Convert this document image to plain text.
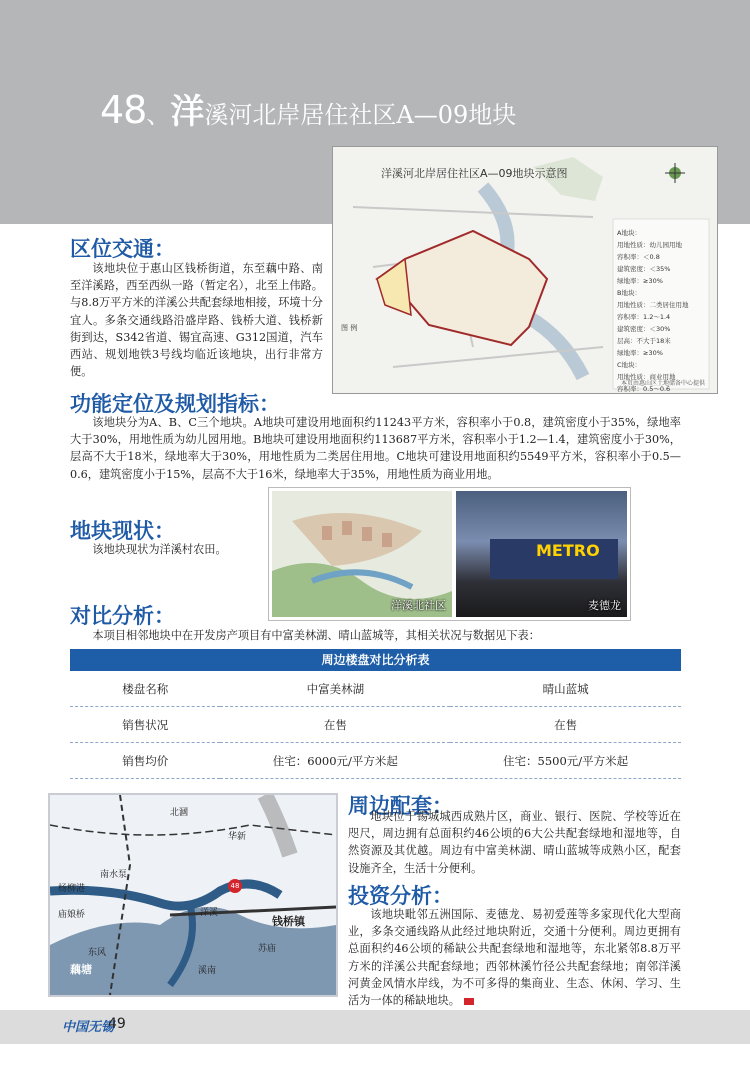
48、洋溪河北岸居住社区A—09地块
洋溪河北岸居住社区A—09地块示意图
图 例
A地块：
用地性质：幼儿园用地
容积率：＜0.8
建筑密度：＜35%
绿地率：≥30%
B地块：
用地性质：二类居住用地
容积率：1.2～1.4
建筑密度：＜30%
层高：不大于18米
绿地率：≥30%
C地块：
用地性质：商业用地
容积率：0.5～0.6
本页由惠山区土地储备中心提供
区位交通：

该地块位于惠山区钱桥街道，东至藕中路、南至洋溪路，西至西纵一路（暂定名），北至上伟路。与8.8万平方米的洋溪公共配套绿地相接，环境十分宜人。多条交通线路沿盛岸路、钱桥大道、钱桥新街到达，S342省道、锡宜高速、G312国道，汽车西站、规划地铁3号线均临近该地块，出行非常方便。

功能定位及规划指标：

该地块分为A、B、C三个地块。A地块可建设用地面积约11243平方米，容积率小于0.8，建筑密度小于35%，绿地率大于30%，用地性质为幼儿园用地。B地块可建设用地面积约113687平方米，容积率小于1.2—1.4，建筑密度小于30%，层高不大于18米，绿地率大于30%，用地性质为二类居住用地。C地块可建设用地面积约5549平方米，容积率小于0.5—0.6，建筑密度小于15%，层高不大于16米，绿地率大于35%，用地性质为商业用地。

地块现状：

该地块现状为洋溪村农田。

洋溪北社区
METRO
麦德龙
对比分析：

本项目相邻地块中在开发房产项目有中富美林湖、晴山蓝城等，其相关状况与数据见下表：

周边楼盘对比分析表
楼盘名称	中富美林湖	晴山蓝城
销售状况	在售	在售
销售均价	住宅：6000元/平方米起	住宅：5500元/平方米起
北漍
华新
南水泵
杨柳港
庙娘桥	洋溪
钱桥镇
东风
藕塘	溪南
苏庙
48
周边配套：

地块位于锡城城西成熟片区，商业、银行、医院、学校等近在咫尺，周边拥有总面积约46公顷的6大公共配套绿地和湿地等，自然资源及其优越。周边有中富美林湖、晴山蓝城等成熟小区，配套设施齐全，生活十分便利。

投资分析：

该地块毗邻五洲国际、麦德龙、易初爱莲等多家现代化大型商业，多条交通线路从此经过地块附近，交通十分便利。周边更拥有总面积约46公顷的稀缺公共配套绿地和湿地等，东北紧邻8.8万平方米的洋溪公共配套绿地；西邻林溪竹径公共配套绿地；南邻洋溪河黄金风情水岸线，为不可多得的集商业、生态、休闲、学习、生活为一体的稀缺地块。

中国无锡
49
